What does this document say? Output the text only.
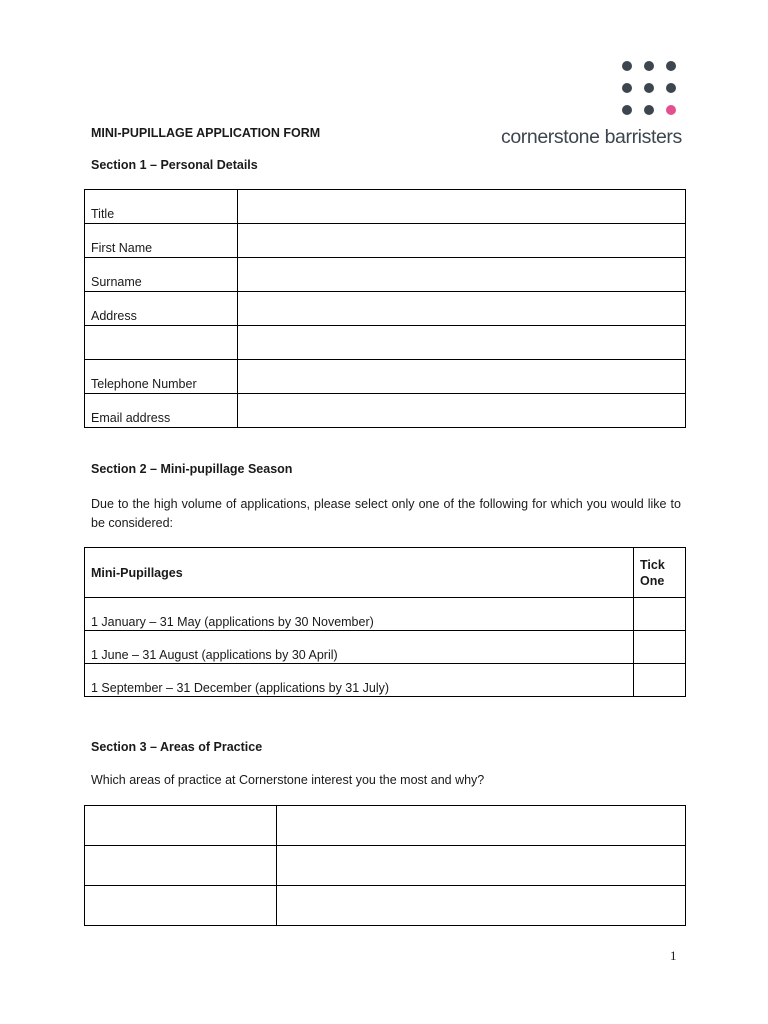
cornerstone barristers
MINI-PUPILLAGE APPLICATION FORM
Section 1 – Personal Details
Title	
First Name	
Surname	
Address	

Telephone Number	
Email address	
Section 2 – Mini-pupillage Season
Due to the high volume of applications, please select only one of the following for which you would like to be considered:
Mini-Pupillages	Tick
One
1 January – 31 May (applications by 30 November)	
1 June – 31 August (applications by 30 April)	
1 September – 31 December (applications by 31 July)	
Section 3 – Areas of Practice
Which areas of practice at Cornerstone interest you the most and why?

1
